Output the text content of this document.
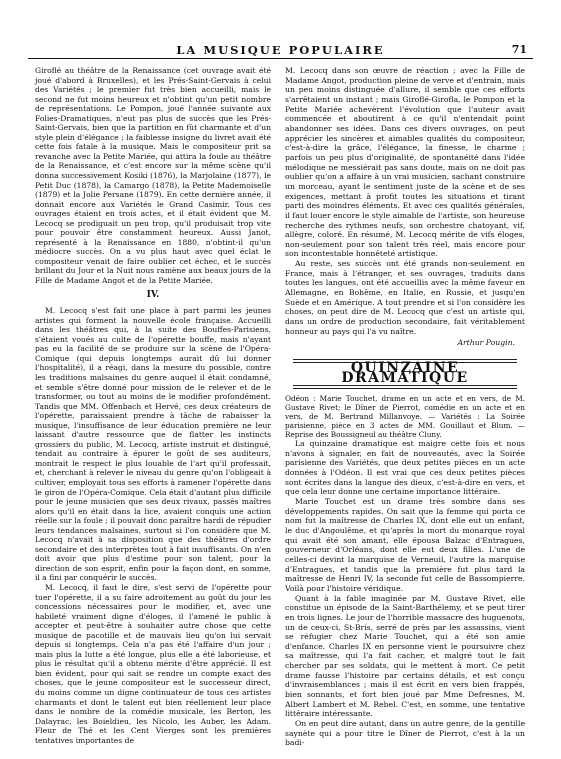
LA MUSIQUE POPULAIRE	71

Giroflé au théâtre de la Renaissance (cet ouvrage avait été joué d'abord à Bruxelles), et les Prés-Saint-Gervais à celui des Variétés ; le premier fut très bien accueilli, mais le second ne fut moins heureux et n'obtint qu'un petit nombre de représentations. Le Pompon, joué l'année suivante aux Folies-Dramatiques, n'eut pas plus de succès que les Prés-Saint-Gervais, bien que la partition en fût charmante et d'un style plein d'élégance ; la faiblesse insigne du livret avait été cette fois fatale à la musique. Mais le compositeur prit sa revanche avec la Petite Mariée, qui attira la foule au théâtre de la Renaissance, et c'est encore sur la même scène qu'il donna successivement Kosiki (1876), la Marjolaine (1877), le Petit Duc (1878), la Camargo (1878), la Petite Mademoiselle (1879) et la Jolie Persane (1879). En cette dernière année, il donnait encore aux Variétés le Grand Casimir. Tous ces ouvrages étaient en trois actes, et il était évident que M. Lecocq se prodiguait un peu trop, qu'il produisait trop vite pour pouvoir être constamment heureux. Aussi Janot, représenté à la Renaissance en 1880, n'obtint-il qu'un médiocre succès. On a vu plus haut avec quel éclat le compositeur venait de faire oublier cet échec, et le succès brillant du Jour et la Nuit nous ramène aux beaux jours de la Fille de Madame Angot et de la Petite Mariée.

IV.

M. Lecocq s'est fait une place à part parmi les jeunes artistes qui forment la nouvelle école française. Accueilli dans les théâtres qui, à la suite des Bouffes-Parisiens, s'étaient voués au culte de l'opérette bouffe, mais n'ayant pas eu la facilité de se produire sur la scène de l'Opéra-Comique (qui depuis longtemps aurait dû lui donner l'hospitalité), il a réagi, dans la mesure du possible, contre les traditions malsaines du genre auquel il était condamné, et semble s'être donné pour mission de le relever et de le transformer, ou tout au moins de le modifier profondément. Tandis que MM. Offenbach et Hervé, ces deux créateurs de l'opérette, paraissaient prendre à tâche de rabaisser la musique, l'insuffisance de leur éducation première ne leur laissant d'autre ressource que de flatter les instincts grossiers du public, M. Lecocq, artiste instruit et distingué, tendait au contraire à épurer le goût de ses auditeurs, montrait le respect le plus louable de l'art qu'il professait, et, cherchant à relever le niveau du genre qu'on l'obligeait à cultiver, employait tous ses efforts à ramener l'opérette dans le giron de l'Opéra-Comique. Cela était d'autant plus difficile pour le jeune musicien que ses deux rivaux, passés maîtres alors qu'il en était dans la lice, avaient conquis une action réelle sur la foule ; il pouvait donc paraître hardi de répudier leurs tendances malsaines, surtout si l'on considère que M. Lecocq n'avait à sa disposition que des théâtres d'ordre secondaire et des interprètes tout à fait insuffisants. On n'en doit avoir que plus d'estime pour son talent, pour la direction de son esprit, enfin pour la façon dont, en somme, il a fini par conquérir le succès.

M. Lecocq, il faut le dire, s'est servi de l'opérette pour tuer l'opérette, il a su faire adroitement au goût du jour les concessions nécessaires pour le modifier, et, avec une habileté vraiment digne d'éloges, il l'amené le public à accepter et peut-être à souhaiter autre chose que cette musique de pacotille et de mauvais lieu qu'on lui servait depuis si longtemps. Cela n'a pas été l'affaire d'un jour ; mais plus la lutte a été longue, plus elle a été laborieuse, et plus le résultat qu'il a obtenu mérite d'être apprécié. Il est bien évident, pour qui sait se rendre un compte exact des choses, que le jeune compositeur est le successeur direct, du moins comme un digne continuateur de tous ces artistes charmants et dont le talent eut bien réellement leur place dans le nombre de la comédie musicale, les Berton, les Dalayrac, les Boieldieu, les Nicolo, les Auber, les Adam. Fleur de Thé et les Cent Vierges sont les premières tentatives importantes de

M. Lecocq dans son œuvre de réaction ; avec la Fille de Madame Angot, production pleine de verve et d'entrain, mais un peu moins distinguée d'allure, il semble que ces efforts s'arrêtaient un instant ; mais Giroflé-Girofla, le Pompon et la Petite Mariée achevèrent l'évolution que l'auteur avait commencée et aboutirent à ce qu'il n'entendait point abandonner ses idées. Dans ces divers ouvrages, on peut apprécier les sincères et aimables qualités du compositeur, c'est-à-dire la grâce, l'élégance, la finesse, le charme ; parfois un peu plus d'originalité, de spontanéité dans l'idée mélodique ne messiérait pas sans doute, mais on ne doit pas oublier qu'on a affaire à un vrai musicien, sachant construire un morceau, ayant le sentiment juste de la scène et de ses exigences, mettant à profit toutes les situations et tirant parti des moindres éléments. Et avec ces qualités générales, il faut louer encore le style aimable de l'artiste, son heureuse recherche des rythmes neufs, son orchestre chatoyant, vif, allègre, coloré. En résumé, M. Lecocq mérite de vifs éloges, non-seulement pour son talent très réel, mais encore pour son incontestable honnêteté artistique.

Au reste, ses succès ont été grands non-seulement en France, mais à l'étranger, et ses ouvrages, traduits dans toutes les langues, ont été accueillis avec la même faveur en Allemagne, en Bohême, en Italie, en Russie, et jusqu'en Suède et en Amérique. A tout prendre et si l'on considère les choses, on peut dire de M. Lecocq que c'est un artiste qui, dans un ordre de production secondaire, fait véritablement honneur au pays qui l'a vu naître.

Arthur Pougin.
QUINZAINE DRAMATIQUE

Odéon : Marie Touchet, drame en un acte et en vers, de M. Gustave Rivet; le Dîner de Pierrot, comédie en un acte et en vers, de M. Bertrand Millanvoye. — Variétés : La Soirée parisienne, pièce en 3 actes de MM. Gouillaut et Blum. — Reprise des Boussigneul au théâtre Cluny.

La quinzaine dramatique est maigre cette fois et nous n'avons à signaler, en fait de nouveautés, avec la Soirée parisienne des Variétés, que deux petites pièces en un acte données à l'Odéon. Il est vrai que ces deux petites pièces sont écrites dans la langue des dieux, c'est-à-dire en vers, et que cela leur donne une certaine importance littéraire.

Marie Touchet est un drame très sombre dans ses développements rapides. On sait que la femme qui porta ce nom fut la maîtresse de Charles IX, dont elle eut un enfant, le duc d'Angoulême, et qu'après la mort du monarque royal qui avait été son amant, elle épousa Balzac d'Entragues, gouverneur d'Orléans, dont elle eut deux filles. L'une de celles-ci devint la marquise de Verneuil, l'autre la marquise d'Entragues, et tandis que la première fut plus tard la maîtresse de Henri IV, la seconde fut celle de Bassompierre. Voilà pour l'histoire véridique.

Quant à la fable imaginée par M. Gustave Rivet, elle constitue un épisode de la Saint-Barthélemy, et se peut tirer en trois lignes. Le jour de l'horrible massacre des huguenots, un de ceux-ci, St-Bris, serré de près par les assassins, vient se réfugier chez Marie Touchet, qui a été son amie d'enfance. Charles IX en personne vient le poursuivre chez sa maîtresse, qui l'a fait cacher, et malgré tout le fait chercher par ses soldats, qui le mettent à mort. Ce petit drame fausse l'histoire par certains détails, et est conçu d'invraisemblances ; mais il est écrit en vers bien frappés, bien sonnants, et fort bien joué par Mme Defresnes, M. Albert Lambert et M. Rebel. C'est, en somme, une tentative littéraire intéressante.

On en peut dire autant, dans un autre genre, de la gentille saynète qui a pour titre le Dîner de Pierrot, c'est à la un badi-
